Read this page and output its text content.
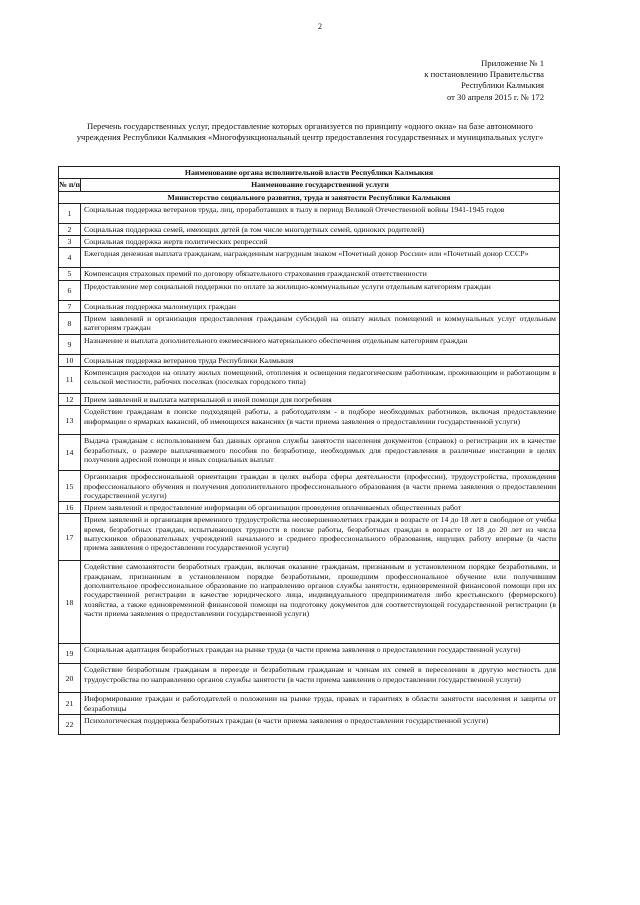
2
Приложение № 1
к постановлению Правительства
Республики Калмыкия
от 30 апреля 2015 г. № 172
Перечень государственных услуг, предоставление которых организуется по принципу «одного окна» на базе автономного учреждения Республики Калмыкия «Многофункциональный центр предоставления государственных и муниципальных услуг»
Наименование органа исполнительной власти Республики Калмыкия	
№ п/п	Наименование государственной услуги
Министерство социального развития, труда и занятости Республики Калмыкия	
1	Социальная поддержка ветеранов труда, лиц, проработавших в тылу в период Великой Отечественной войны 1941-1945 годов
2	Социальная поддержка семей, имеющих детей (в том числе многодетных семей, одиноких родителей)
3	Социальная поддержка жертв политических репрессий
4	Ежегодная денежная выплата гражданам, награжденным нагрудным знаком «Почетный донор России» или «Почетный донор СССР»
5	Компенсация страховых премий по договору обязательного страхования гражданской ответственности
6	Предоставление мер социальной поддержки по оплате за жилищно-коммунальные услуги отдельным категориям граждан
7	Социальная поддержка малоимущих граждан
8	Прием заявлений и организация предоставления гражданам субсидий на оплату жилых помещений и коммунальных услуг отдельным категориям граждан
9	Назначение и выплата дополнительного ежемесячного материального обеспечения отдельным категориям граждан
10	Социальная поддержка ветеранов труда Республики Калмыкия
11	Компенсация расходов на оплату жилых помещений, отопления и освещения педагогическим работникам, проживающим и работающим в сельской местности, рабочих поселках (поселках городского типа)
12	Прием заявлений и выплата материальной и иной помощи для погребения
13	Содействие гражданам в поиске подходящей работы, а работодателям - в подборе необходимых работников, включая предоставление информации о ярмарках вакансий, об имеющихся вакансиях (в части приема заявления о предоставлении государственной услуги)
14	Выдача гражданам с использованием баз данных органов службы занятости населения документов (справок) о регистрации их в качестве безработных, о размере выплачиваемого пособия по безработице, необходимых для предоставления в различные инстанции в целях получения адресной помощи и иных социальных выплат
15	Организация профессиональной ориентации граждан в целях выбора сферы деятельности (профессии), трудоустройства, прохождения профессионального обучения и получения дополнительного профессионального образования (в части приема заявления о предоставлении государственной услуги)
16	Прием заявлений и предоставление информации об организации проведения оплачиваемых общественных работ
17	Прием заявлений и организация временного трудоустройства несовершеннолетних граждан в возрасте от 14 до 18 лет в свободное от учебы время, безработных граждан, испытывающих трудности в поиске работы, безработных граждан в возрасте от 18 до 20 лет из числа выпускников образовательных учреждений начального и среднего профессионального образования, ищущих работу впервые (в части приема заявления о предоставлении государственной услуги)
18	Содействие самозанятости безработных граждан, включая оказание гражданам, признанным в установленном порядке безработными, и гражданам, признанным в установленном порядке безработными, прошедшим профессиональное обучение или получившим дополнительное профессиональное образование по направлению органов службы занятости, единовременной финансовой помощи при их государственной регистрации в качестве юридического лица, индивидуального предпринимателя либо крестьянского (фермерского) хозяйства, а также единовременной финансовой помощи на подготовку документов для соответствующей государственной регистрации (в части приема заявления о предоставлении государственной услуги)
19	Социальная адаптация безработных граждан на рынке труда (в части приема заявления о предоставлении государственной услуги)
20	Содействие безработным гражданам в переезде и безработным гражданам и членам их семей в переселении в другую местность для трудоустройства по направлению органов службы занятости (в части приема заявления о предоставлении государственной услуги)
21	Информирование граждан и работодателей о положении на рынке труда, правах и гарантиях в области занятости населения и защиты от безработицы
22	Психологическая поддержка безработных граждан (в части приема заявления о предоставлении государственной услуги)
